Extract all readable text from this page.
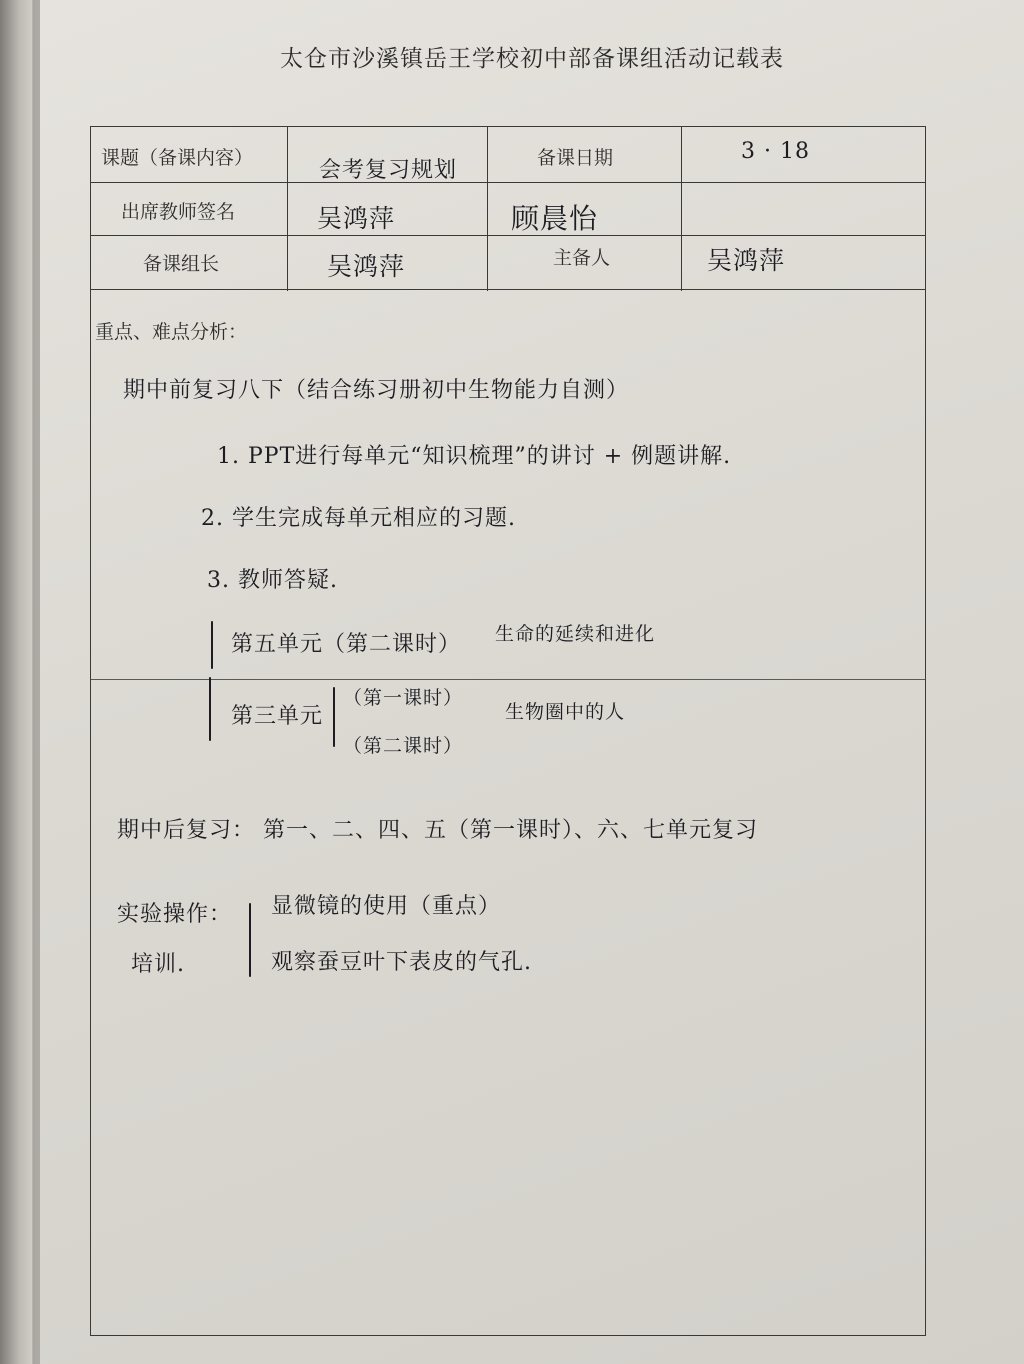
太仓市沙溪镇岳王学校初中部备课组活动记载表
课题（备课内容）	会考复习规划	备课日期	3 · 18
出席教师签名	吴鸿萍	顾晨怡
备课组长	吴鸿萍	主备人	吴鸿萍
重点、难点分析：
期中前复习八下（结合练习册初中生物能力自测）
1. PPT进行每单元“知识梳理”的讲讨 + 例题讲解.
2. 学生完成每单元相应的习题.
3. 教师答疑.
第五单元（第二课时） 生命的延续和进化
第三单元
（第一课时）
（第二课时）
生物圈中的人
期中后复习： 第一、二、四、五（第一课时）、六、七单元复习
实验操作：
培训.
显微镜的使用（重点）
观察蚕豆叶下表皮的气孔.
